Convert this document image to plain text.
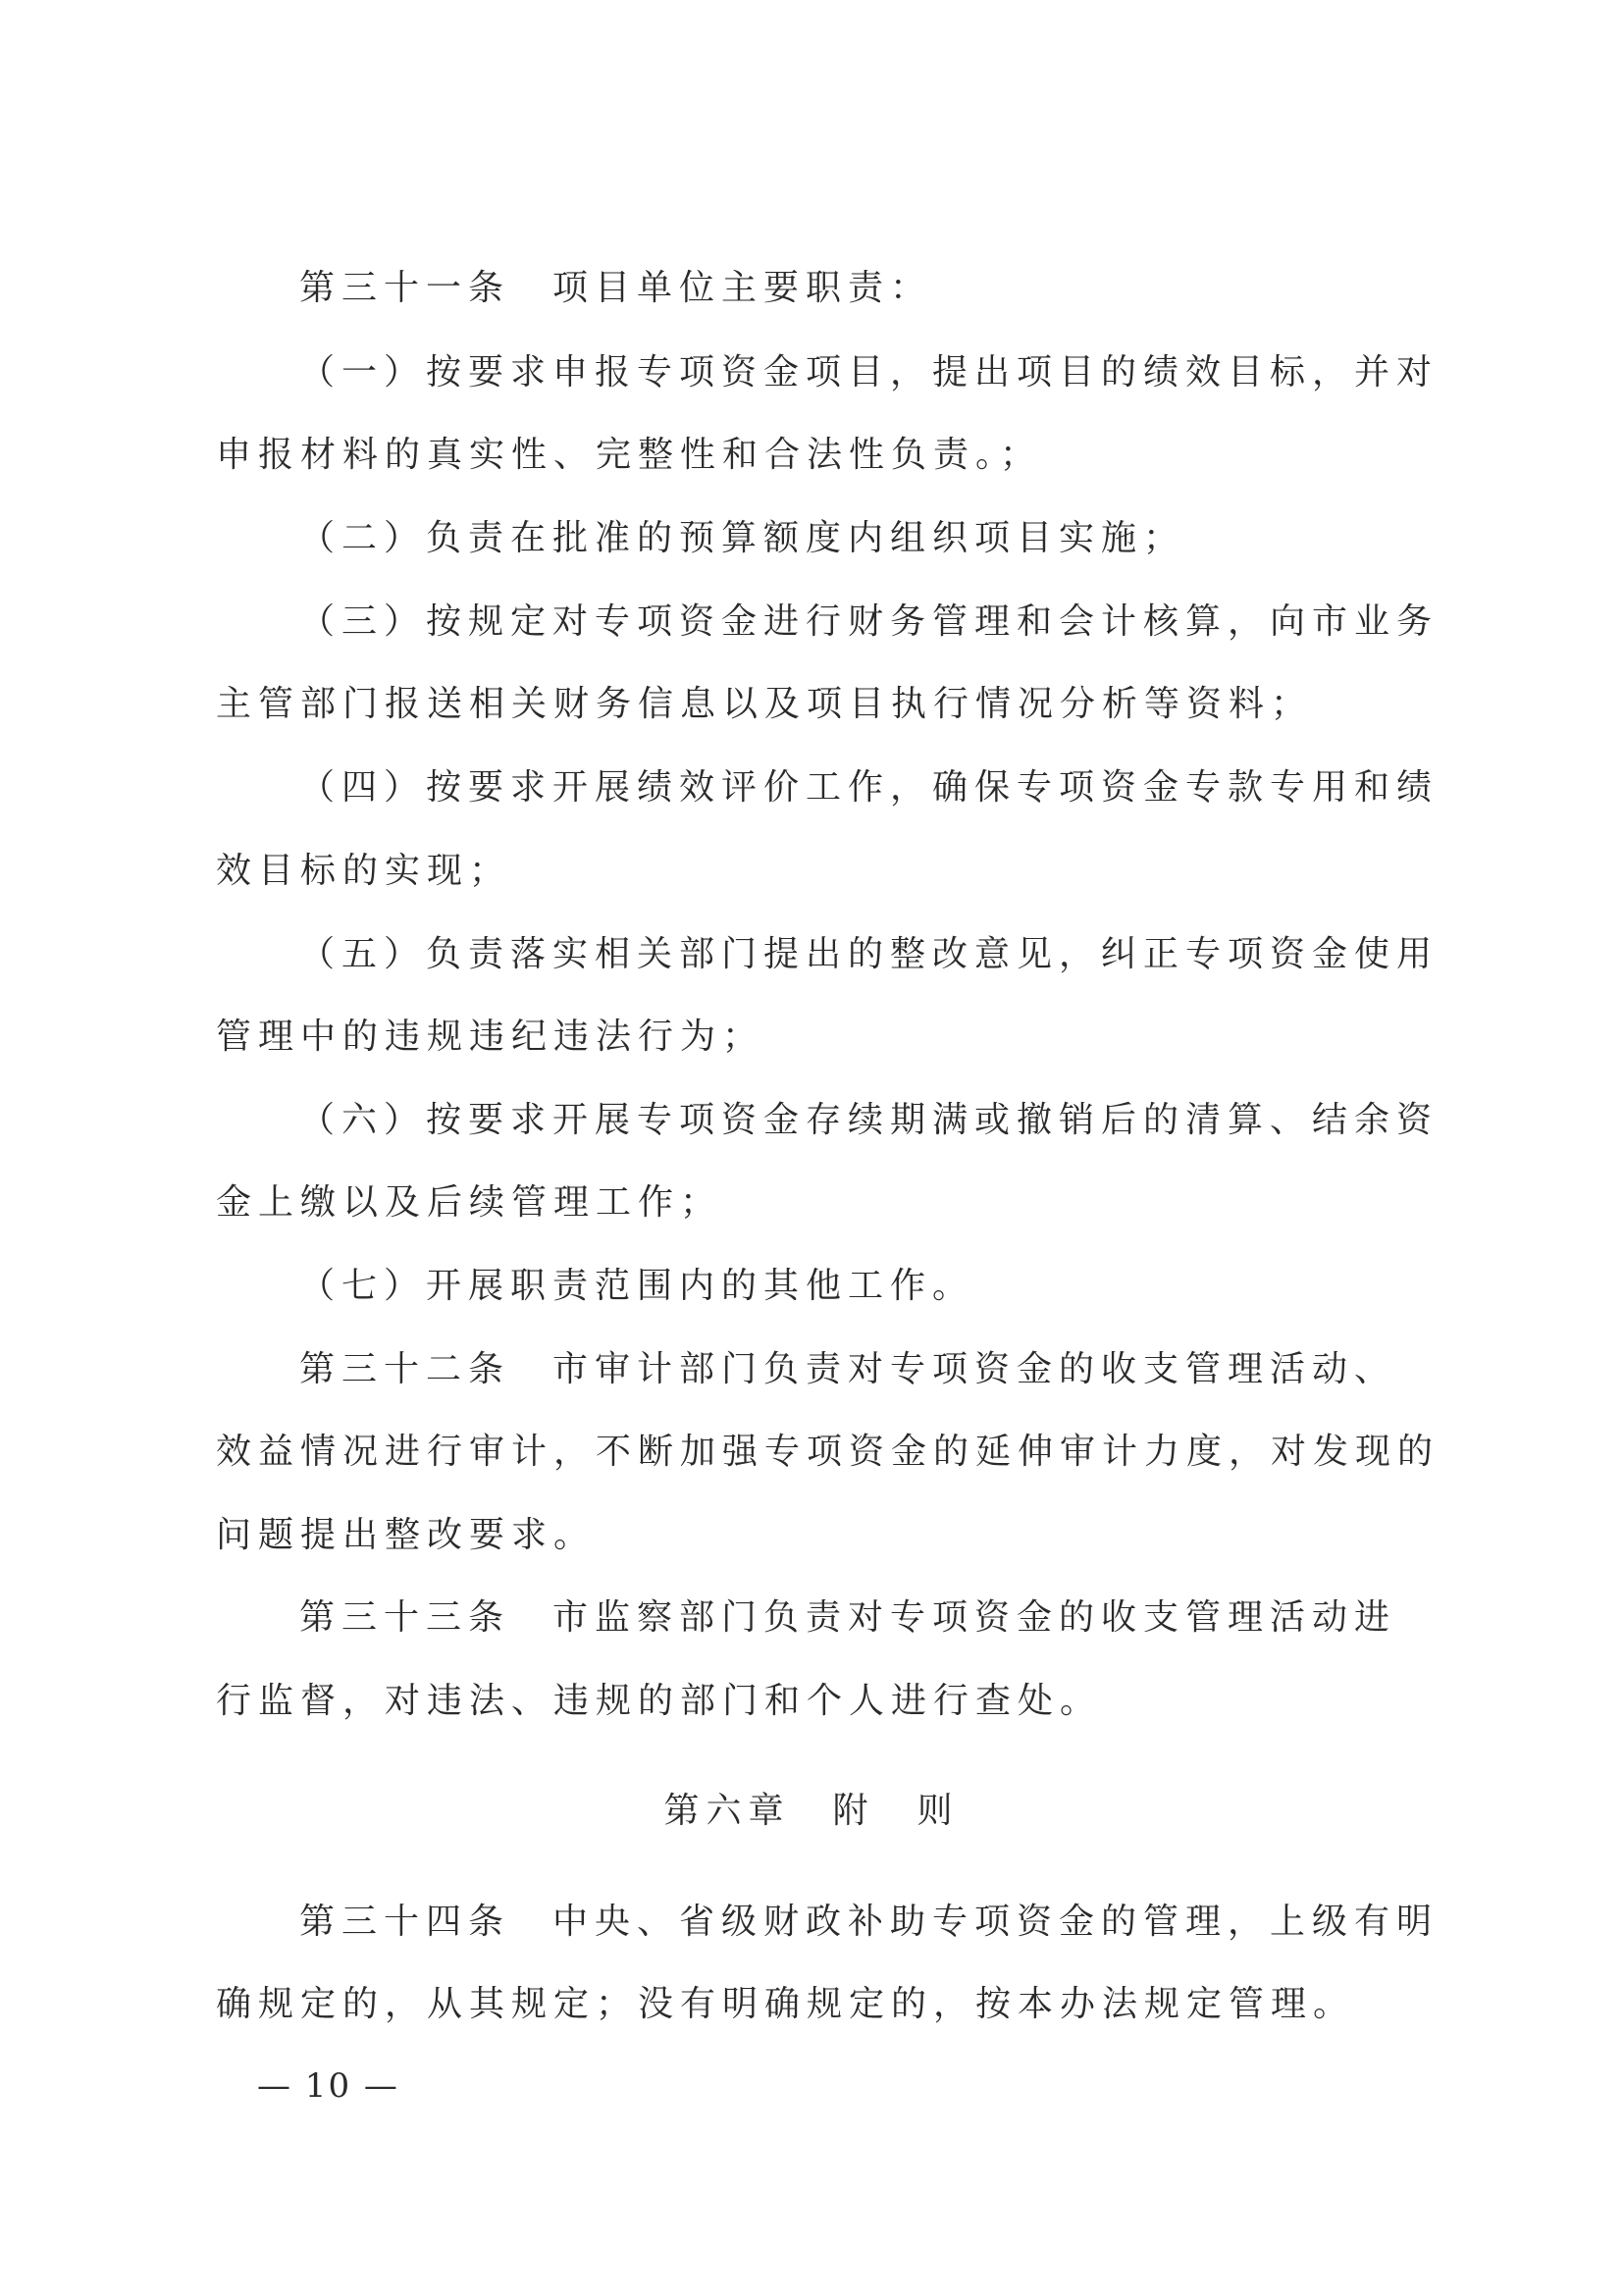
第三十一条　项目单位主要职责：
（一）按要求申报专项资金项目，提出项目的绩效目标，并对
申报材料的真实性、完整性和合法性负责。；
（二）负责在批准的预算额度内组织项目实施；
（三）按规定对专项资金进行财务管理和会计核算，向市业务
主管部门报送相关财务信息以及项目执行情况分析等资料；
（四）按要求开展绩效评价工作，确保专项资金专款专用和绩
效目标的实现；
（五）负责落实相关部门提出的整改意见，纠正专项资金使用
管理中的违规违纪违法行为；
（六）按要求开展专项资金存续期满或撤销后的清算、结余资
金上缴以及后续管理工作；
（七）开展职责范围内的其他工作。
第三十二条　市审计部门负责对专项资金的收支管理活动、
效益情况进行审计，不断加强专项资金的延伸审计力度，对发现的
问题提出整改要求。
第三十三条　市监察部门负责对专项资金的收支管理活动进
行监督，对违法、违规的部门和个人进行查处。
第六章　附　则
第三十四条　中央、省级财政补助专项资金的管理，上级有明
确规定的，从其规定；没有明确规定的，按本办法规定管理。
— 10 —
